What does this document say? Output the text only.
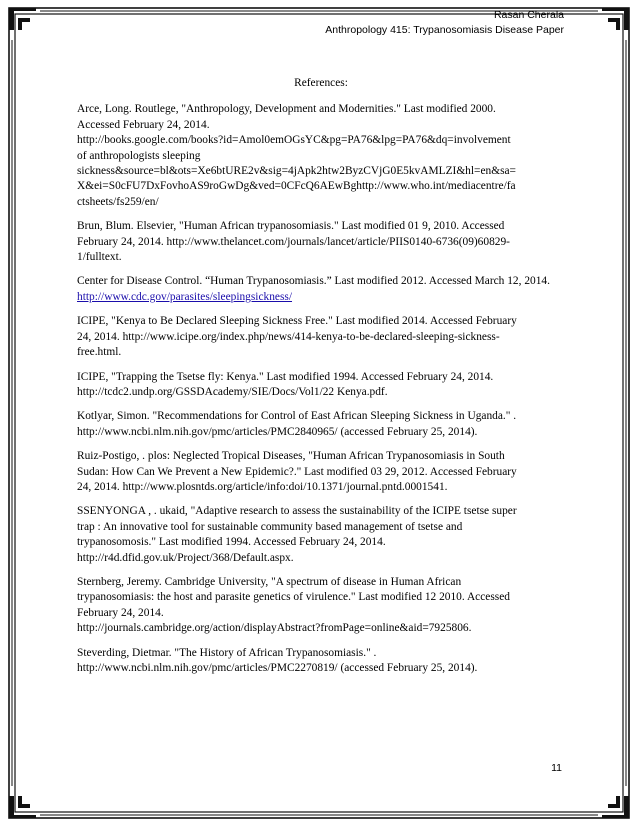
Rasan Cherala
Anthropology 415: Trypanosomiasis Disease Paper
References:
Arce, Long. Routlege, "Anthropology, Development and Modernities." Last modified 2000.
Accessed February 24, 2014.
http://books.google.com/books?id=Amol0emOGsYC&pg=PA76&lpg=PA76&dq=involvement
of anthropologists sleeping
sickness&source=bl&ots=Xe6btURE2v&sig=4jApk2htw2ByzCVjG0E5kvAMLZI&hl=en&sa=
X&ei=S0cFU7DxFovhoAS9roGwDg&ved=0CFcQ6AEwBghttp://www.who.int/mediacentre/fa
ctsheets/fs259/en/
Brun, Blum. Elsevier, "Human African trypanosomiasis." Last modified 01 9, 2010. Accessed
February 24, 2014. http://www.thelancet.com/journals/lancet/article/PIIS0140-6736(09)60829-
1/fulltext.
Center for Disease Control. “Human Trypanosomiasis.” Last modified 2012. Accessed March 12, 2014. http://www.cdc.gov/parasites/sleepingsickness/
ICIPE, "Kenya to Be Declared Sleeping Sickness Free." Last modified 2014. Accessed February
24, 2014. http://www.icipe.org/index.php/news/414-kenya-to-be-declared-sleeping-sickness-
free.html.
ICIPE, "Trapping the Tsetse fly: Kenya." Last modified 1994. Accessed February 24, 2014.
http://tcdc2.undp.org/GSSDAcademy/SIE/Docs/Vol1/22 Kenya.pdf.
Kotlyar, Simon. "Recommendations for Control of East African Sleeping Sickness in Uganda." .
http://www.ncbi.nlm.nih.gov/pmc/articles/PMC2840965/ (accessed February 25, 2014).
Ruiz-Postigo, . plos: Neglected Tropical Diseases, "Human African Trypanosomiasis in South
Sudan: How Can We Prevent a New Epidemic?." Last modified 03 29, 2012. Accessed February
24, 2014. http://www.plosntds.org/article/info:doi/10.1371/journal.pntd.0001541.
SSENYONGA , . ukaid, "Adaptive research to assess the sustainability of the ICIPE tsetse super
trap : An innovative tool for sustainable community based management of tsetse and
trypanosomosis." Last modified 1994. Accessed February 24, 2014.
http://r4d.dfid.gov.uk/Project/368/Default.aspx.
Sternberg, Jeremy. Cambridge University, "A spectrum of disease in Human African
trypanosomiasis: the host and parasite genetics of virulence." Last modified 12 2010. Accessed
February 24, 2014.
http://journals.cambridge.org/action/displayAbstract?fromPage=online&aid=7925806.
Steverding, Dietmar. "The History of African Trypanosomiasis." .
http://www.ncbi.nlm.nih.gov/pmc/articles/PMC2270819/ (accessed February 25, 2014).
11
